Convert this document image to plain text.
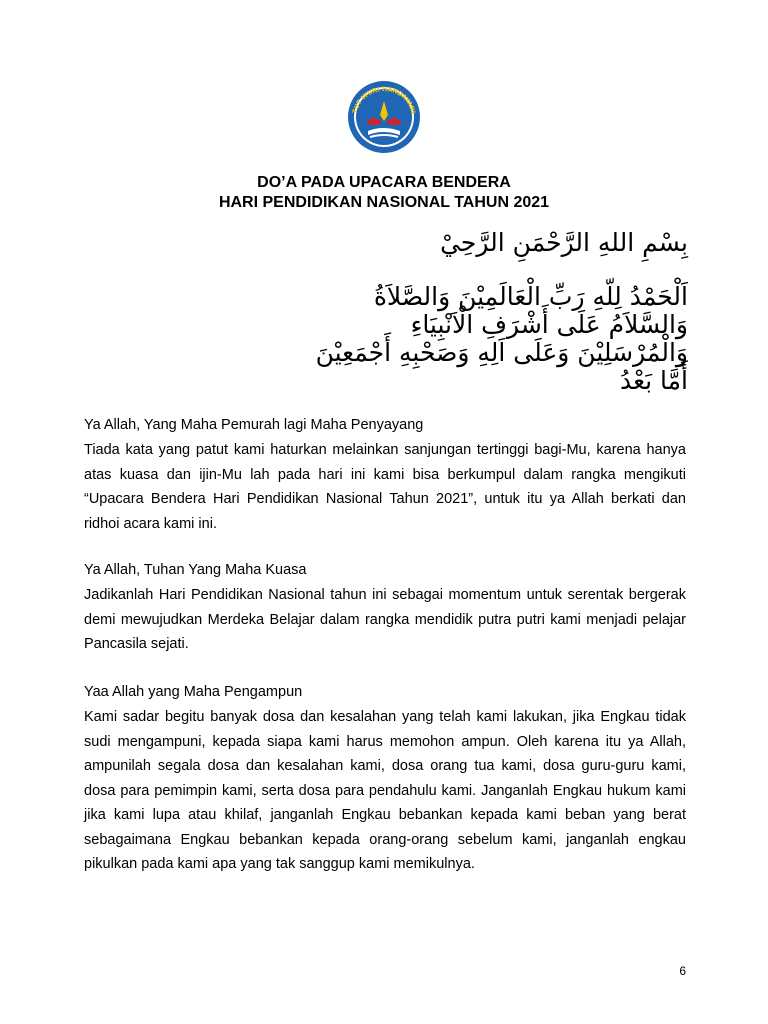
TUT WURI HANDAYANI
DO’A PADA UPACARA BENDERA
HARI PENDIDIKAN NASIONAL TAHUN 2021
بِسْمِ اللهِ الرَّحْمَنِ الرَّحِيْ
اَلْحَمْدُ لِلّهِ رَبِّ الْعَالَمِيْنَ وَالصَّلاَةُ
وَالسَّلاَمُ عَلَى أَشْرَفِ الْاَنْبِيَاءِ
وَالْمُرْسَلِيْنَ وَعَلَى اَلِهِ وَصَحْبِهِ أَجْمَعِيْنَ
أَمَّا بَعْدُ
Ya Allah, Yang Maha Pemurah lagi Maha Penyayang

Tiada kata yang patut kami haturkan melainkan sanjungan tertinggi bagi-Mu, karena hanya atas kuasa dan ijin-Mu lah pada hari ini kami bisa berkumpul dalam rangka mengikuti “Upacara Bendera Hari Pendidikan Nasional Tahun 2021”, untuk itu ya Allah berkati dan ridhoi acara kami ini.

Ya Allah, Tuhan Yang Maha Kuasa

Jadikanlah Hari Pendidikan Nasional tahun ini sebagai momentum untuk serentak bergerak demi mewujudkan Merdeka Belajar dalam rangka mendidik putra putri kami menjadi pelajar Pancasila sejati.

Yaa Allah yang Maha Pengampun

Kami sadar begitu banyak dosa dan kesalahan yang telah kami lakukan, jika Engkau tidak sudi mengampuni, kepada siapa kami harus memohon ampun. Oleh karena itu ya Allah, ampunilah segala dosa dan kesalahan kami, dosa orang tua kami, dosa guru-guru kami, dosa para pemimpin kami, serta dosa para pendahulu kami. Janganlah Engkau hukum kami jika kami lupa atau khilaf, janganlah Engkau bebankan kepada kami beban yang berat sebagaimana Engkau bebankan kepada orang-orang sebelum kami, janganlah engkau pikulkan pada kami apa yang tak sanggup kami memikulnya.

6
